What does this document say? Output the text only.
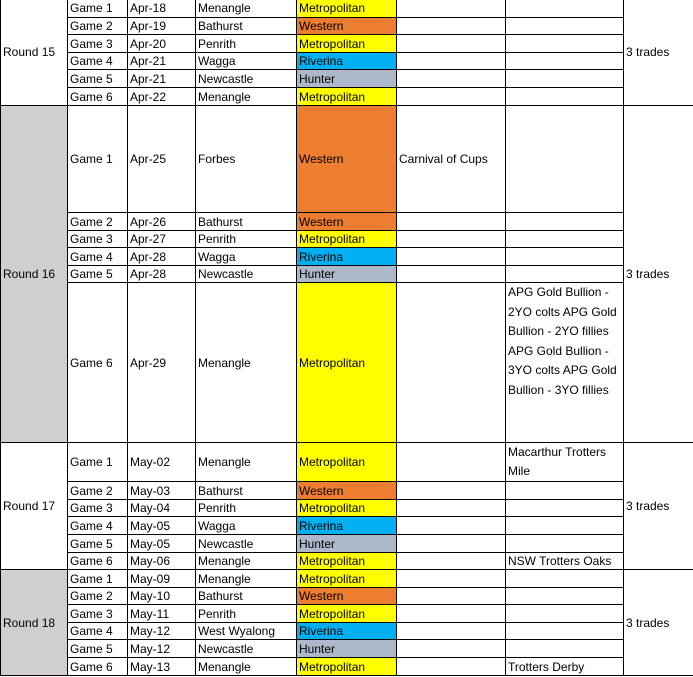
Round 15	Game 1	Apr-18	Menangle	Metropolitan			3 trades
	Game 2	Apr-19	Bathurst	Western			
	Game 3	Apr-20	Penrith	Metropolitan			
	Game 4	Apr-21	Wagga	Riverina			
	Game 5	Apr-21	Newcastle	Hunter			
	Game 6	Apr-22	Menangle	Metropolitan			
Round 16	Game 1	Apr-25	Forbes	Western	Carnival of Cups		3 trades
	Game 2	Apr-26	Bathurst	Western			
	Game 3	Apr-27	Penrith	Metropolitan			
	Game 4	Apr-28	Wagga	Riverina			
	Game 5	Apr-28	Newcastle	Hunter			
	Game 6	Apr-29	Menangle	Metropolitan		APG Gold Bullion - 2YO colts APG Gold Bullion - 2YO fillies APG Gold Bullion - 3YO colts APG Gold Bullion - 3YO fillies	
Round 17	Game 1	May-02	Menangle	Metropolitan		Macarthur Trotters Mile	3 trades
	Game 2	May-03	Bathurst	Western			
	Game 3	May-04	Penrith	Metropolitan			
	Game 4	May-05	Wagga	Riverina			
	Game 5	May-05	Newcastle	Hunter			
	Game 6	May-06	Menangle	Metropolitan		NSW Trotters Oaks	
Round 18	Game 1	May-09	Menangle	Metropolitan			3 trades
	Game 2	May-10	Bathurst	Western			
	Game 3	May-11	Penrith	Metropolitan			
	Game 4	May-12	West Wyalong	Riverina			
	Game 5	May-12	Newcastle	Hunter			
	Game 6	May-13	Menangle	Metropolitan		Trotters Derby	
